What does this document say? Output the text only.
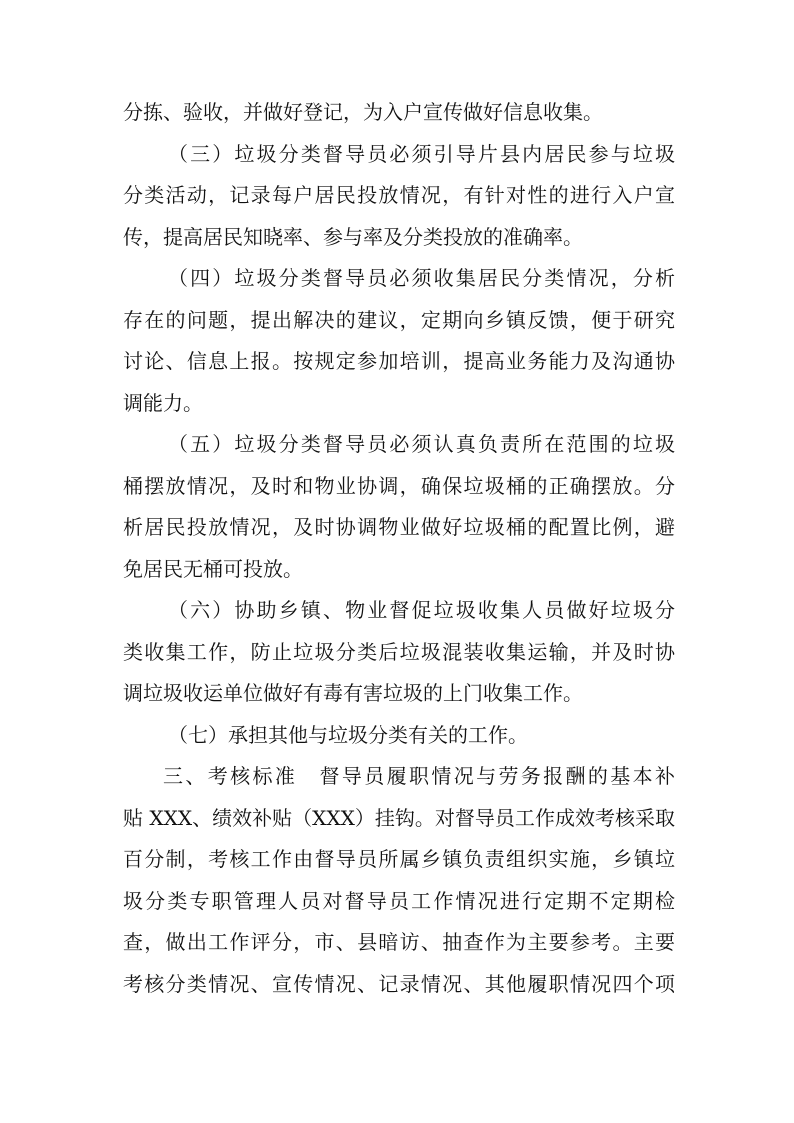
分拣、验收，并做好登记，为入户宣传做好信息收集。
（三）垃圾分类督导员必须引导片县内居民参与垃圾
分类活动，记录每户居民投放情况，有针对性的进行入户宣
传，提高居民知晓率、参与率及分类投放的准确率。
（四）垃圾分类督导员必须收集居民分类情况，分析
存在的问题，提出解决的建议，定期向乡镇反馈，便于研究
讨论、信息上报。按规定参加培训，提高业务能力及沟通协
调能力。
（五）垃圾分类督导员必须认真负责所在范围的垃圾
桶摆放情况，及时和物业协调，确保垃圾桶的正确摆放。分
析居民投放情况，及时协调物业做好垃圾桶的配置比例，避
免居民无桶可投放。
（六）协助乡镇、物业督促垃圾收集人员做好垃圾分
类收集工作，防止垃圾分类后垃圾混装收集运输，并及时协
调垃圾收运单位做好有毒有害垃圾的上门收集工作。
（七）承担其他与垃圾分类有关的工作。
三、考核标准　督导员履职情况与劳务报酬的基本补
贴 XXX、绩效补贴（XXX）挂钩。对督导员工作成效考核采取
百分制，考核工作由督导员所属乡镇负责组织实施，乡镇垃
圾分类专职管理人员对督导员工作情况进行定期不定期检
查，做出工作评分，市、县暗访、抽查作为主要参考。主要
考核分类情况、宣传情况、记录情况、其他履职情况四个项
